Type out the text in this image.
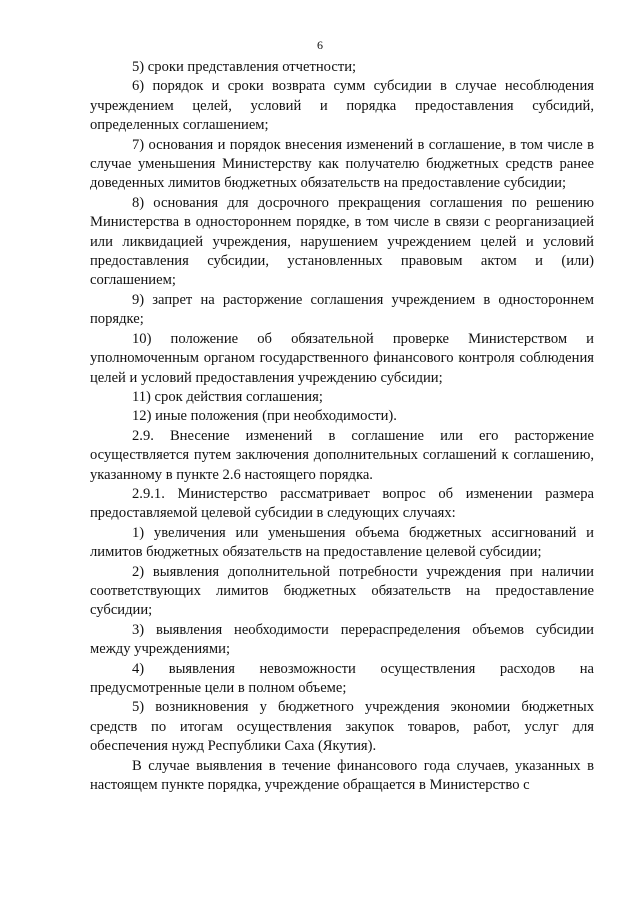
6

5) сроки представления отчетности;

6) порядок и сроки возврата сумм субсидии в случае несоблюдения учреждением целей, условий и порядка предоставления субсидий, определенных соглашением;

7) основания и порядок внесения изменений в соглашение, в том числе в случае уменьшения Министерству как получателю бюджетных средств ранее доведенных лимитов бюджетных обязательств на предоставление субсидии;

8) основания для досрочного прекращения соглашения по решению Министерства в одностороннем порядке, в том числе в связи с реорганизацией или ликвидацией учреждения, нарушением учреждением целей и условий предоставления субсидии, установленных правовым актом и (или) соглашением;

9) запрет на расторжение соглашения учреждением в одностороннем порядке;

10) положение об обязательной проверке Министерством и уполномоченным органом государственного финансового контроля соблюдения целей и условий предоставления учреждению субсидии;

11) срок действия соглашения;

12) иные положения (при необходимости).

2.9. Внесение изменений в соглашение или его расторжение осуществляется путем заключения дополнительных соглашений к соглашению, указанному в пункте 2.6 настоящего порядка.

2.9.1. Министерство рассматривает вопрос об изменении размера предоставляемой целевой субсидии в следующих случаях:

1) увеличения или уменьшения объема бюджетных ассигнований и лимитов бюджетных обязательств на предоставление целевой субсидии;

2) выявления дополнительной потребности учреждения при наличии соответствующих лимитов бюджетных обязательств на предоставление субсидии;

3) выявления необходимости перераспределения объемов субсидии между учреждениями;

4) выявления невозможности осуществления расходов на предусмотренные цели в полном объеме;

5) возникновения у бюджетного учреждения экономии бюджетных средств по итогам осуществления закупок товаров, работ, услуг для обеспечения нужд Республики Саха (Якутия).

В случае выявления в течение финансового года случаев, указанных в настоящем пункте порядка, учреждение обращается в Министерство с
